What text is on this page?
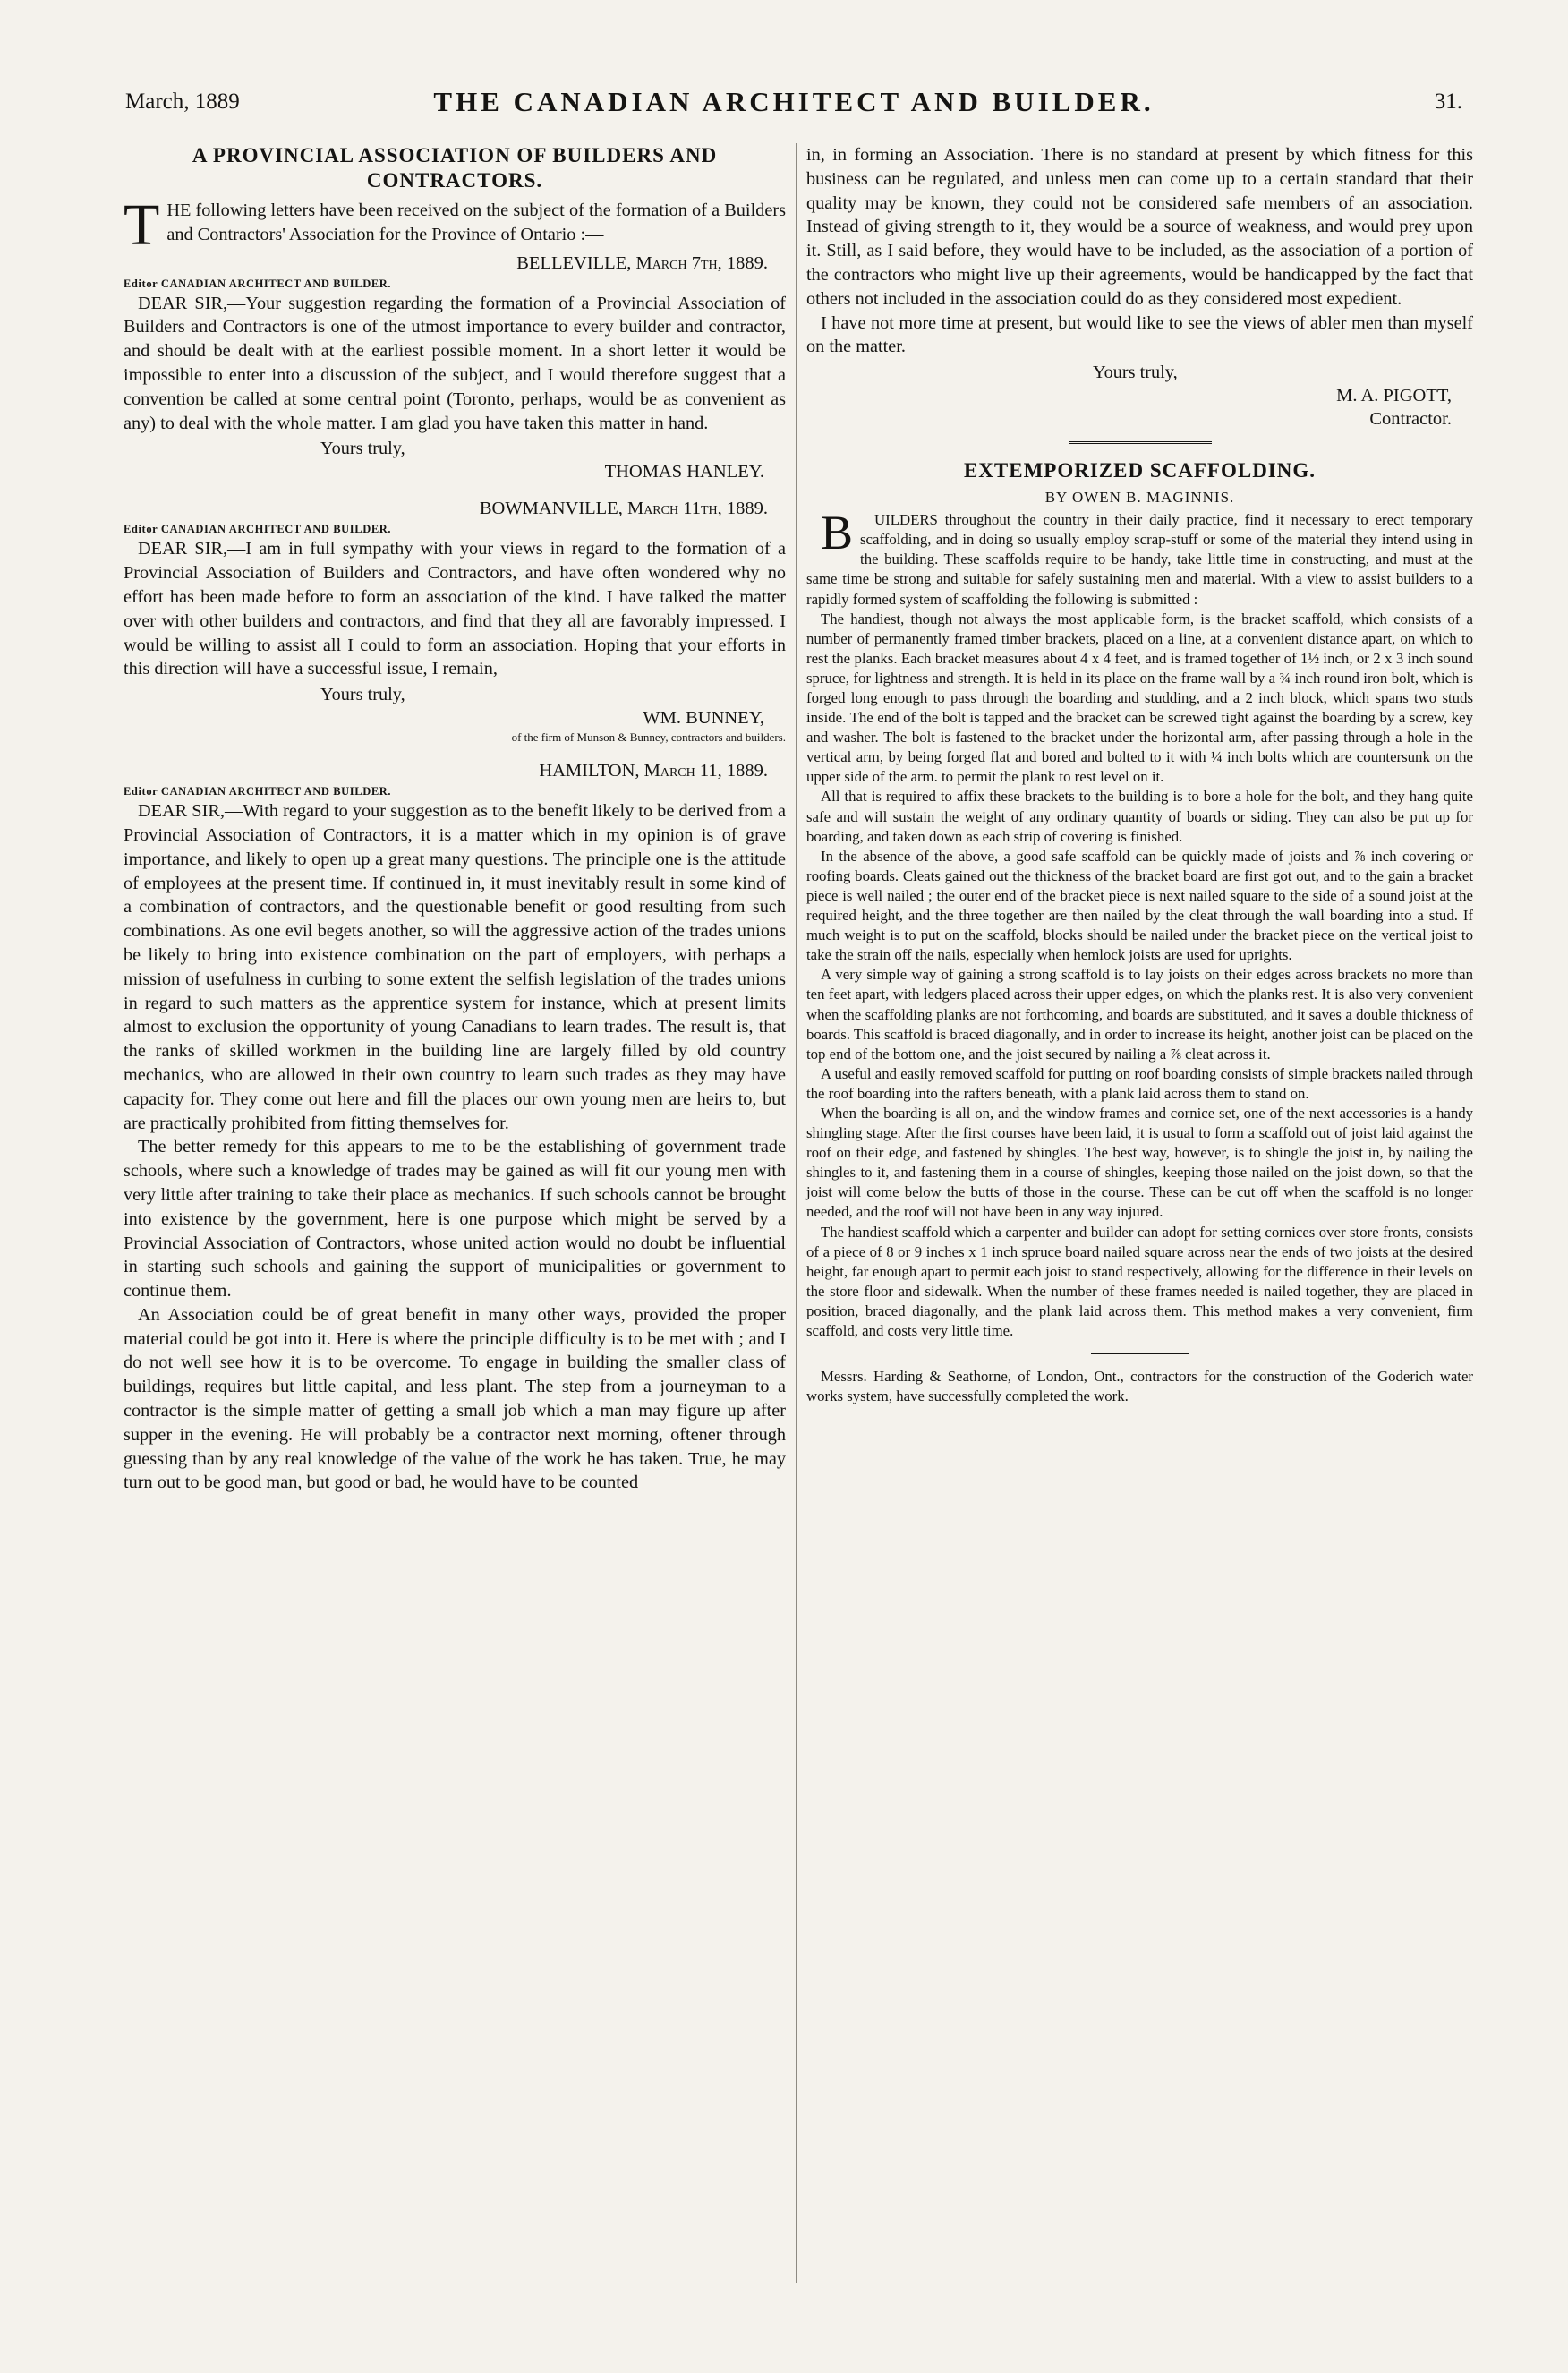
March, 1889	THE CANADIAN ARCHITECT AND BUILDER.	31.
A PROVINCIAL ASSOCIATION OF BUILDERS AND CONTRACTORS.

THE following letters have been received on the subject of the formation of a Builders and Contractors' Association for the Province of Ontario :—

BELLEVILLE, March 7th, 1889.

Editor CANADIAN ARCHITECT AND BUILDER.

DEAR SIR,—Your suggestion regarding the formation of a Provincial Association of Builders and Contractors is one of the utmost importance to every builder and contractor, and should be dealt with at the earliest possible moment. In a short letter it would be impossible to enter into a discussion of the subject, and I would therefore suggest that a convention be called at some central point (Toronto, perhaps, would be as convenient as any) to deal with the whole matter. I am glad you have taken this matter in hand.

Yours truly,

THOMAS HANLEY.

BOWMANVILLE, March 11th, 1889.

Editor CANADIAN ARCHITECT AND BUILDER.

DEAR SIR,—I am in full sympathy with your views in regard to the formation of a Provincial Association of Builders and Contractors, and have often wondered why no effort has been made before to form an association of the kind. I have talked the matter over with other builders and contractors, and find that they all are favorably impressed. I would be willing to assist all I could to form an association. Hoping that your efforts in this direction will have a successful issue, I remain,

Yours truly,

WM. BUNNEY,

of the firm of Munson & Bunney, contractors and builders.

HAMILTON, March 11, 1889.

Editor CANADIAN ARCHITECT AND BUILDER.

DEAR SIR,—With regard to your suggestion as to the benefit likely to be derived from a Provincial Association of Contractors, it is a matter which in my opinion is of grave importance, and likely to open up a great many questions. The principle one is the attitude of employees at the present time. If continued in, it must inevitably result in some kind of a combination of contractors, and the questionable benefit or good resulting from such combinations. As one evil begets another, so will the aggressive action of the trades unions be likely to bring into existence combination on the part of employers, with perhaps a mission of usefulness in curbing to some extent the selfish legislation of the trades unions in regard to such matters as the apprentice system for instance, which at present limits almost to exclusion the opportunity of young Canadians to learn trades. The result is, that the ranks of skilled workmen in the building line are largely filled by old country mechanics, who are allowed in their own country to learn such trades as they may have capacity for. They come out here and fill the places our own young men are heirs to, but are practically prohibited from fitting themselves for.

The better remedy for this appears to me to be the establishing of government trade schools, where such a knowledge of trades may be gained as will fit our young men with very little after training to take their place as mechanics. If such schools cannot be brought into existence by the government, here is one purpose which might be served by a Provincial Association of Contractors, whose united action would no doubt be influential in starting such schools and gaining the support of municipalities or government to continue them.

An Association could be of great benefit in many other ways, provided the proper material could be got into it. Here is where the principle difficulty is to be met with ; and I do not well see how it is to be overcome. To engage in building the smaller class of buildings, requires but little capital, and less plant. The step from a journeyman to a contractor is the simple matter of getting a small job which a man may figure up after supper in the evening. He will probably be a contractor next morning, oftener through guessing than by any real knowledge of the value of the work he has taken. True, he may turn out to be good man, but good or bad, he would have to be counted

in, in forming an Association. There is no standard at present by which fitness for this business can be regulated, and unless men can come up to a certain standard that their quality may be known, they could not be considered safe members of an association. Instead of giving strength to it, they would be a source of weakness, and would prey upon it. Still, as I said before, they would have to be included, as the association of a portion of the contractors who might live up their agreements, would be handicapped by the fact that others not included in the association could do as they considered most expedient.

I have not more time at present, but would like to see the views of abler men than myself on the matter.

Yours truly,

M. A. PIGOTT,

Contractor.

EXTEMPORIZED SCAFFOLDING.

BY OWEN B. MAGINNIS.

B UILDERS throughout the country in their daily practice, find it necessary to erect temporary scaffolding, and in doing so usually employ scrap-stuff or some of the material they intend using in the building. These scaffolds require to be handy, take little time in constructing, and must at the same time be strong and suitable for safely sustaining men and material. With a view to assist builders to a rapidly formed system of scaffolding the following is submitted :

The handiest, though not always the most applicable form, is the bracket scaffold, which consists of a number of permanently framed timber brackets, placed on a line, at a convenient distance apart, on which to rest the planks. Each bracket measures about 4 x 4 feet, and is framed together of 1½ inch, or 2 x 3 inch sound spruce, for lightness and strength. It is held in its place on the frame wall by a ¾ inch round iron bolt, which is forged long enough to pass through the boarding and studding, and a 2 inch block, which spans two studs inside. The end of the bolt is tapped and the bracket can be screwed tight against the boarding by a screw, key and washer. The bolt is fastened to the bracket under the horizontal arm, after passing through a hole in the vertical arm, by being forged flat and bored and bolted to it with ¼ inch bolts which are countersunk on the upper side of the arm. to permit the plank to rest level on it.

All that is required to affix these brackets to the building is to bore a hole for the bolt, and they hang quite safe and will sustain the weight of any ordinary quantity of boards or siding. They can also be put up for boarding, and taken down as each strip of covering is finished.

In the absence of the above, a good safe scaffold can be quickly made of joists and ⅞ inch covering or roofing boards. Cleats gained out the thickness of the bracket board are first got out, and to the gain a bracket piece is well nailed ; the outer end of the bracket piece is next nailed square to the side of a sound joist at the required height, and the three together are then nailed by the cleat through the wall boarding into a stud. If much weight is to put on the scaffold, blocks should be nailed under the bracket piece on the vertical joist to take the strain off the nails, especially when hemlock joists are used for uprights.

A very simple way of gaining a strong scaffold is to lay joists on their edges across brackets no more than ten feet apart, with ledgers placed across their upper edges, on which the planks rest. It is also very convenient when the scaffolding planks are not forthcoming, and boards are substituted, and it saves a double thickness of boards. This scaffold is braced diagonally, and in order to increase its height, another joist can be placed on the top end of the bottom one, and the joist secured by nailing a ⅞ cleat across it.

A useful and easily removed scaffold for putting on roof boarding consists of simple brackets nailed through the roof boarding into the rafters beneath, with a plank laid across them to stand on.

When the boarding is all on, and the window frames and cornice set, one of the next accessories is a handy shingling stage. After the first courses have been laid, it is usual to form a scaffold out of joist laid against the roof on their edge, and fastened by shingles. The best way, however, is to shingle the joist in, by nailing the shingles to it, and fastening them in a course of shingles, keeping those nailed on the joist down, so that the joist will come below the butts of those in the course. These can be cut off when the scaffold is no longer needed, and the roof will not have been in any way injured.

The handiest scaffold which a carpenter and builder can adopt for setting cornices over store fronts, consists of a piece of 8 or 9 inches x 1 inch spruce board nailed square across near the ends of two joists at the desired height, far enough apart to permit each joist to stand respectively, allowing for the difference in their levels on the store floor and sidewalk. When the number of these frames needed is nailed together, they are placed in position, braced diagonally, and the plank laid across them. This method makes a very convenient, firm scaffold, and costs very little time.

Messrs. Harding & Seathorne, of London, Ont., contractors for the construction of the Goderich water works system, have successfully completed the work.
